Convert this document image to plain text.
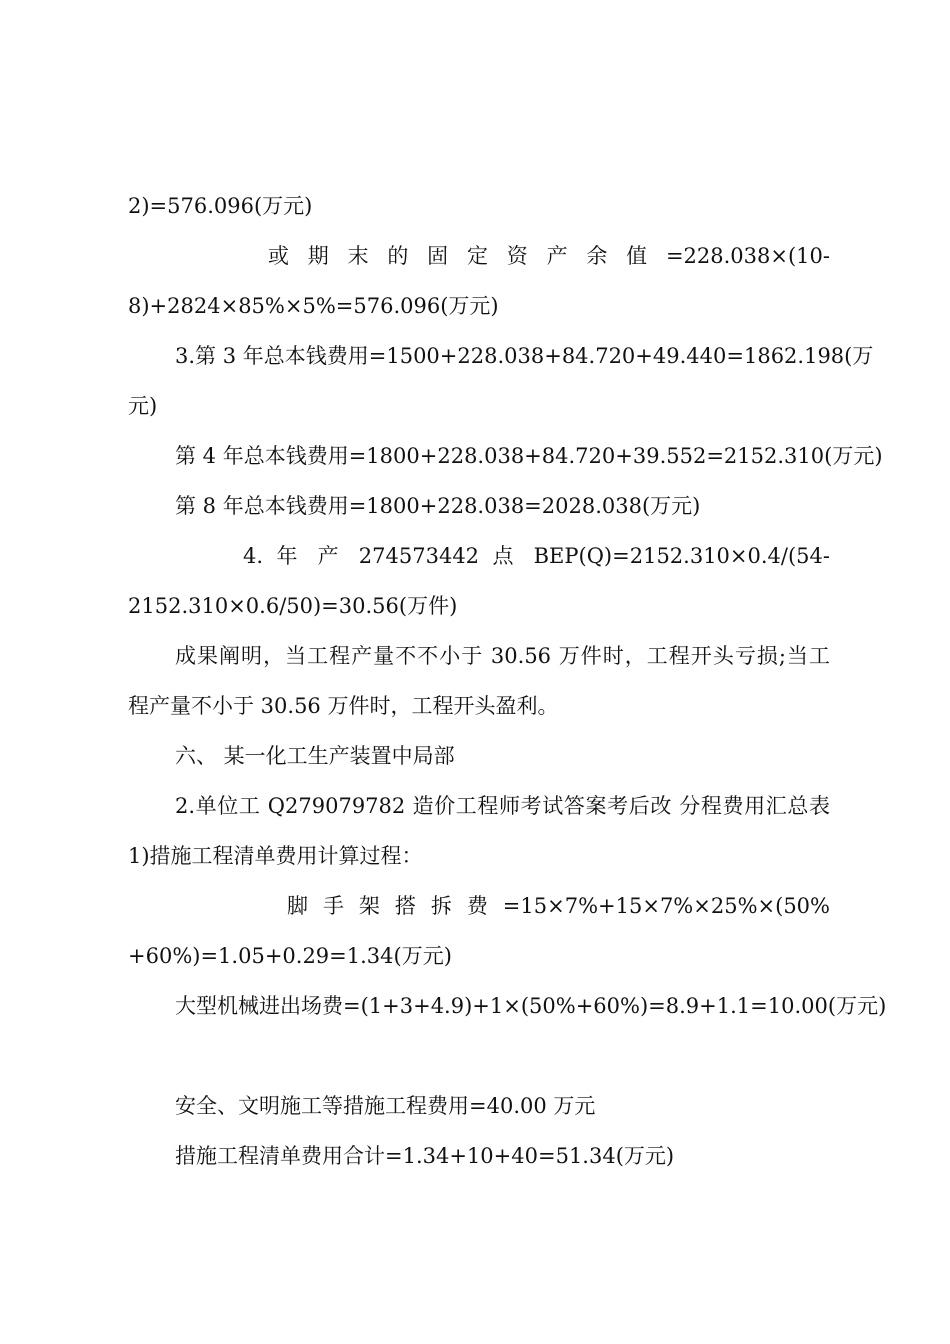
2)=576.096(万元)
或 期 末 的 固 定 资 产 余 值 =228.038×(10-
8)+2824×85%×5%=576.096(万元)
3.第 3 年总本钱费用=1500+228.038+84.720+49.440=1862.198(万
元)
第 4 年总本钱费用=1800+228.038+84.720+39.552=2152.310(万元)
第 8 年总本钱费用=1800+228.038=2028.038(万元)
4. 年 产 274573442 点 BEP(Q)=2152.310×0.4/(54-
2152.310×0.6/50)=30.56(万件)
成果阐明，当工程产量不不小于 30.56 万件时，工程开头亏损;当工
程产量不小于 30.56 万件时，工程开头盈利。
六、 某一化工生产装置中局部
2.单位工 Q279079782 造价工程师考试答案考后改 分程费用汇总表
1)措施工程清单费用计算过程：
脚 手 架 搭 拆 费 =15×7%+15×7%×25%×(50%
+60%)=1.05+0.29=1.34(万元)
大型机械进出场费=(1+3+4.9)+1×(50%+60%)=8.9+1.1=10.00(万元)
安全、文明施工等措施工程费用=40.00 万元
措施工程清单费用合计=1.34+10+40=51.34(万元)
